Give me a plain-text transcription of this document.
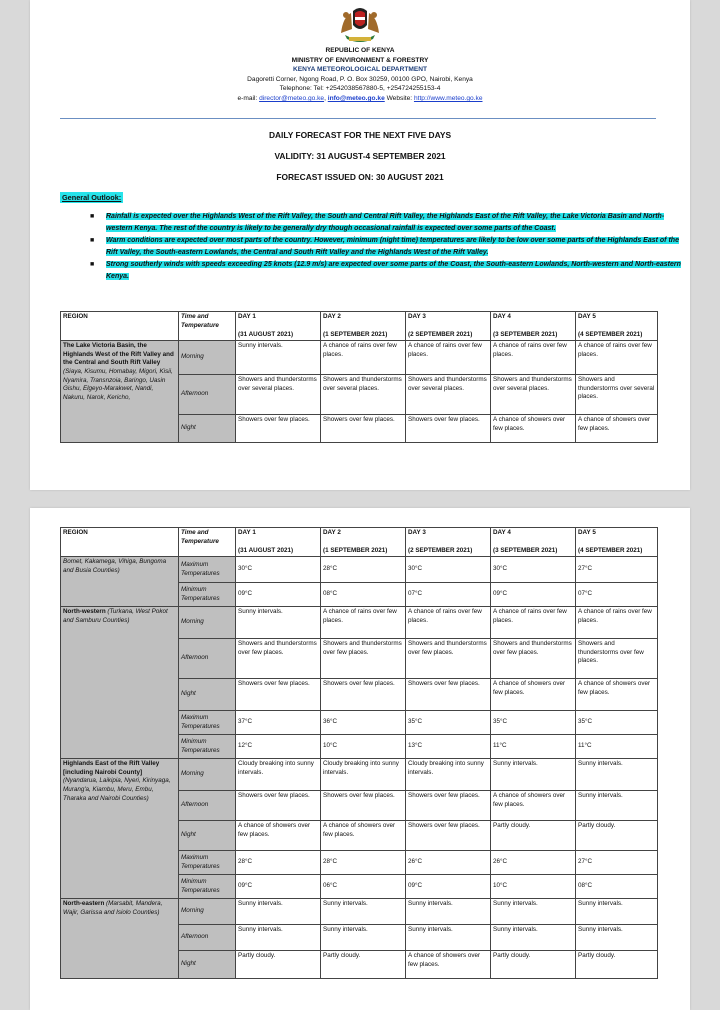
REPUBLIC OF KENYA
MINISTRY OF ENVIRONMENT & FORESTRY
KENYA METEOROLOGICAL DEPARTMENT
Dagoretti Corner, Ngong Road, P. O. Box 30259, 00100 GPO, Nairobi, Kenya
Telephone: Tel: +2542038567880-5, +254724255153-4
e-mail: director@meteo.go.ke, info@meteo.go.ke Website: http://www.meteo.go.ke
DAILY FORECAST FOR THE NEXT FIVE DAYS
VALIDITY: 31 AUGUST-4 SEPTEMBER 2021
FORECAST ISSUED ON: 30 AUGUST 2021
General Outlook:
■ Rainfall is expected over the Highlands West of the Rift Valley, the South and Central Rift Valley, the Highlands East of the Rift Valley, the Lake Victoria Basin and North-western Kenya. The rest of the country is likely to be generally dry though occasional rainfall is expected over some parts of the Coast.
■ Warm conditions are expected over most parts of the country. However, minimum (night time) temperatures are likely to be low over some parts of the Highlands East of the Rift Valley, the South-eastern Lowlands, the Central and South Rift Valley and the Highlands West of the Rift Valley.
■ Strong southerly winds with speeds exceeding 25 knots (12.9 m/s) are expected over some parts of the Coast, the South-eastern Lowlands, North-western and North-eastern Kenya.
REGION	Time and Temperature	DAY 1
(31 AUGUST 2021)	DAY 2
(1 SEPTEMBER 2021)	DAY 3
(2 SEPTEMBER 2021)	DAY 4
(3 SEPTEMBER 2021)	DAY 5
(4 SEPTEMBER 2021)

The Lake Victoria Basin, the Highlands West of the Rift Valley and the Central and South Rift Valley (Siaya, Kisumu, Homabay, Migori, Kisii, Nyamira, Transnzoia, Baringo, Uasin Gishu, Elgeyo-Marakwet, Nandi, Nakuru, Narok, Kericho,	Morning	Sunny intervals.	A chance of rains over few places.	A chance of rains over few places.	A chance of rains over few places.	A chance of rains over few places.
	Afternoon	Showers and thunderstorms over several places.	Showers and thunderstorms over several places.	Showers and thunderstorms over several places.	Showers and thunderstorms over several places.	Showers and thunderstorms over several places.
	Night	Showers over few places.	Showers over few places.	Showers over few places.	A chance of showers over few places.	A chance of showers over few places.
REGION	Time and Temperature	DAY 1
(31 AUGUST 2021)	DAY 2
(1 SEPTEMBER 2021)	DAY 3
(2 SEPTEMBER 2021)	DAY 4
(3 SEPTEMBER 2021)	DAY 5
(4 SEPTEMBER 2021)

Bomet, Kakamega, Vihiga, Bungoma and Busia Counties)	Maximum Temperatures	30°C	28°C	30°C	30°C	27°C
	Minimum Temperatures	09°C	08°C	07°C	09°C	07°C
North-western (Turkana, West Pokot and Samburu Counties)	Morning	Sunny intervals.	A chance of rains over few places.	A chance of rains over few places.	A chance of rains over few places.	A chance of rains over few places.
	Afternoon	Showers and thunderstorms over few places.	Showers and thunderstorms over few places.	Showers and thunderstorms over few places.	Showers and thunderstorms over few places.	Showers and thunderstorms over few places.
	Night	Showers over few places.	Showers over few places.	Showers over few places.	A chance of showers over few places.	A chance of showers over few places.
	Maximum Temperatures	37°C	36°C	35°C	35°C	35°C
	Minimum Temperatures	12°C	10°C	13°C	11°C	11°C
Highlands East of the Rift Valley [including Nairobi County] (Nyandarua, Laikipia, Nyeri, Kirinyaga, Murang'a, Kiambu, Meru, Embu, Tharaka and Nairobi Counties)	Morning	Cloudy breaking into sunny intervals.	Cloudy breaking into sunny intervals.	Cloudy breaking into sunny intervals.	Sunny intervals.	Sunny intervals.
	Afternoon	Showers over few places.	Showers over few places.	Showers over few places.	A chance of showers over few places.	Sunny intervals.
	Night	A chance of showers over few places.	A chance of showers over few places.	Showers over few places.	Partly cloudy.	Partly cloudy.
	Maximum Temperatures	28°C	28°C	26°C	26°C	27°C
	Minimum Temperatures	09°C	06°C	09°C	10°C	08°C
North-eastern (Marsabit, Mandera, Wajir, Garissa and Isiolo Counties)	Morning	Sunny intervals.	Sunny intervals.	Sunny intervals.	Sunny intervals.	Sunny intervals.
	Afternoon	Sunny intervals.	Sunny intervals.	Sunny intervals.	Sunny intervals.	Sunny intervals.
	Night	Partly cloudy.	Partly cloudy.	A chance of showers over few places.	Partly cloudy.	Partly cloudy.
